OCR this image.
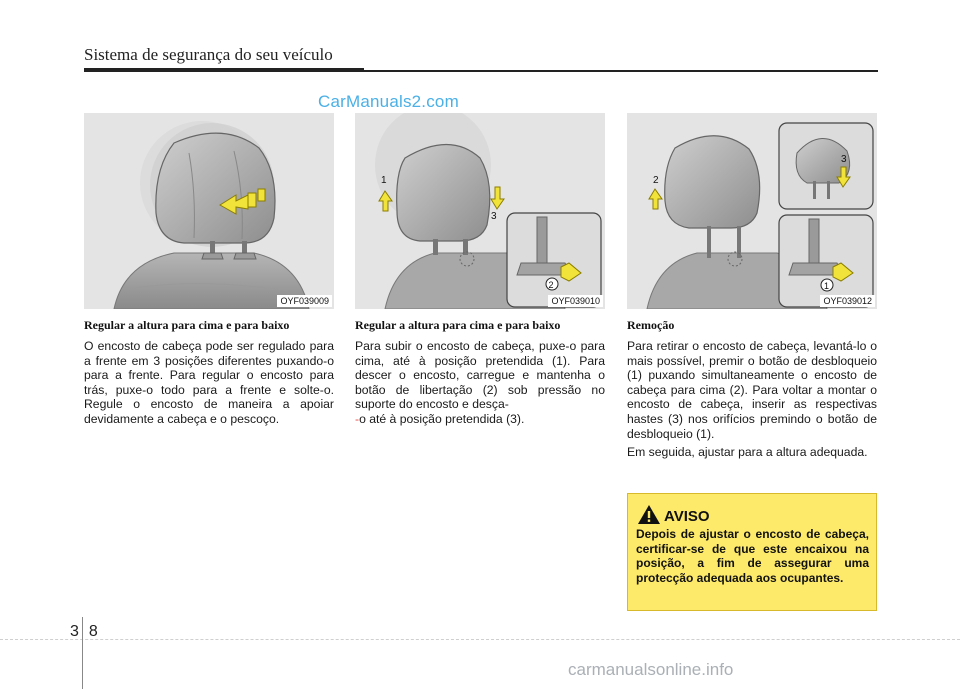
Sistema de segurança do seu veículo
CarManuals2.com
OYF039009
1
3
2
OYF039010
2
3
1
OYF039012
Regular a altura para cima e para baixo

O encosto de cabeça pode ser regulado para a frente em 3 posições diferentes puxando-o para a frente. Para regular o encosto para trás, puxe-o todo para a frente e solte-o. Regule o encosto de maneira a apoiar devidamente a cabeça e o pescoço.

Regular a altura para cima e para baixo

Para subir o encosto de cabeça, puxe-o para cima, até à posição pretendida (1). Para descer o encosto, carregue e mantenha o botão de libertação (2) sob pressão no suporte do encosto e desça-
-o até à posição pretendida (3).

Remoção

Para retirar o encosto de cabeça, levantá-lo o mais possível, premir o botão de desbloqueio (1) puxando simultaneamente o encosto de cabeça para cima (2). Para voltar a montar o encosto de cabeça, inserir as respectivas hastes (3) nos orifícios premindo o botão de desbloqueio (1).

Em seguida, ajustar para a altura adequada.

AVISO
Depois de ajustar o encosto de cabeça, certificar-se de que este encaixou na posição, a fim de assegurar uma protecção adequada aos ocupantes.
38
carmanualsonline.info
